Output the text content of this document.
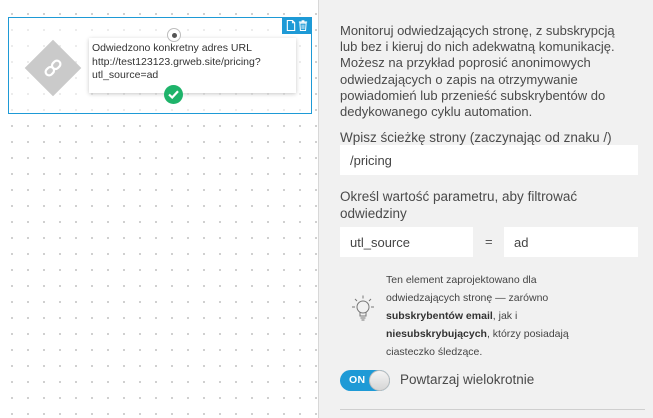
Odwiedzono konkretny adres URL
http://test123123.grweb.site/pricing?
utl_source=ad
Monitoruj odwiedzających stronę, z subskrypcją
lub bez i kieruj do nich adekwatną komunikację.
Możesz na przykład poprosić anonimowych
odwiedzających o zapis na otrzymywanie
powiadomień lub przenieść subskrybentów do
dedykowanego cyklu automation.
Wpisz ścieżkę strony (zaczynając od znaku /)
/pricing
Określ wartość parametru, aby filtrować
odwiedziny
utl_source
=
ad
Ten element zaprojektowano dla
odwiedzających stronę — zarówno
subskrybentów email, jak i
niesubskrybujących, którzy posiadają
ciasteczko śledzące.
ON	Powtarzaj wielokrotnie
